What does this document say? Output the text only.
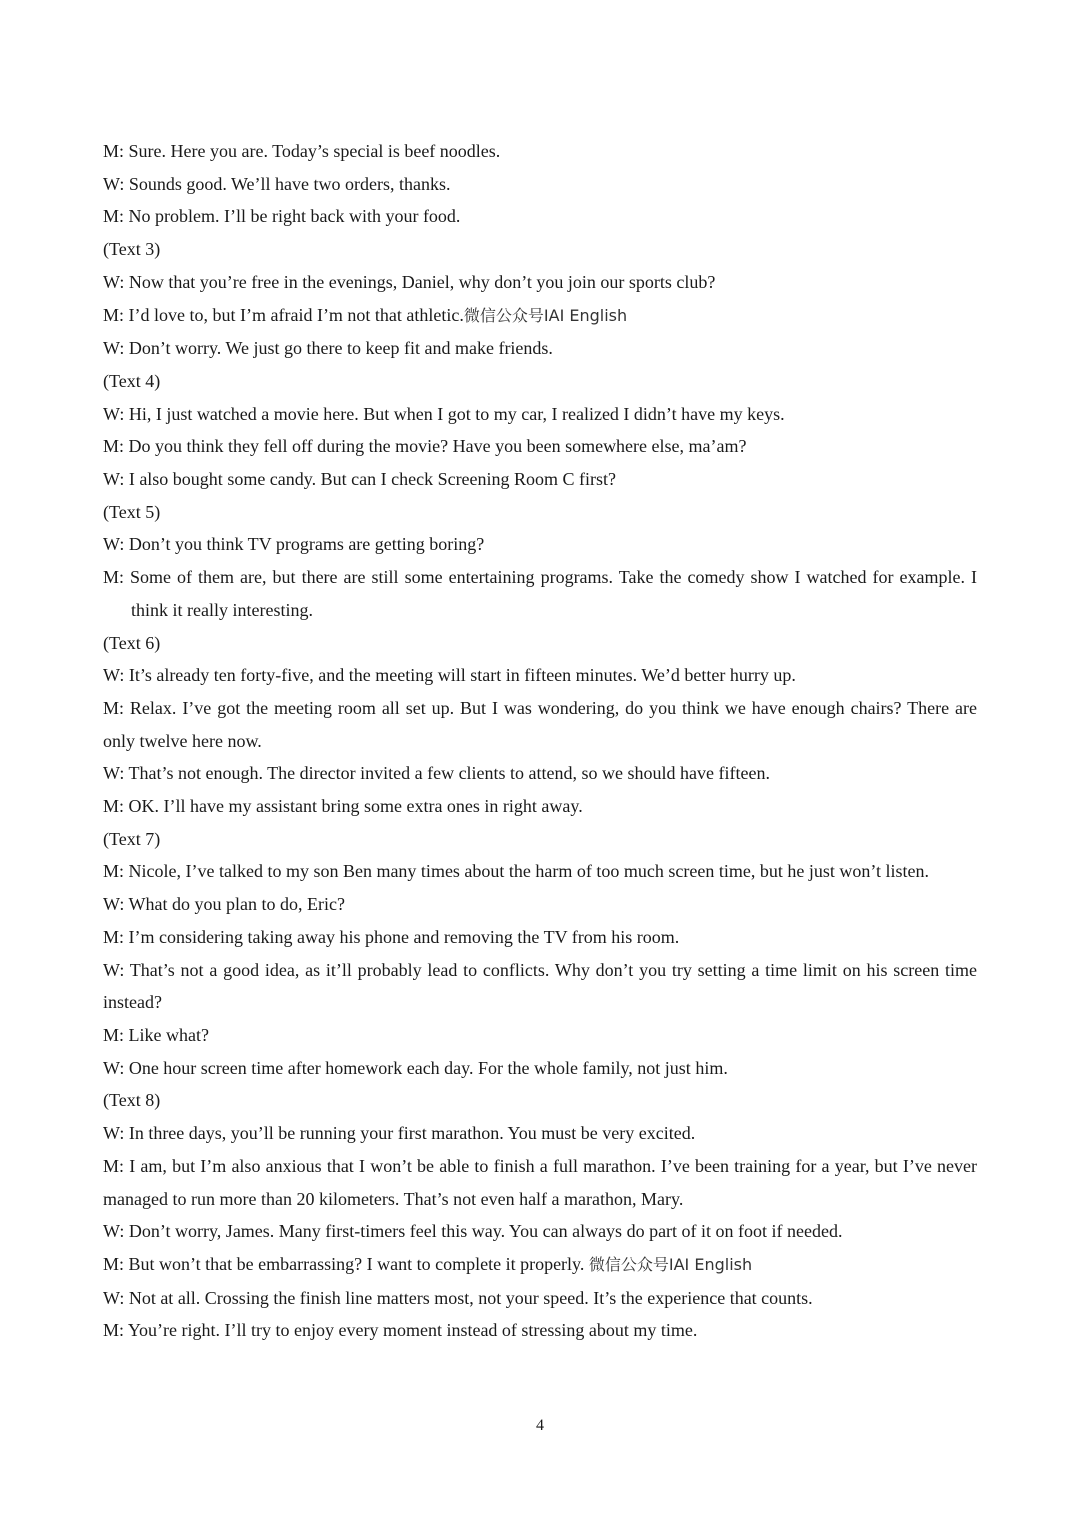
M: Sure. Here you are. Today’s special is beef noodles.
W: Sounds good. We’ll have two orders, thanks.
M: No problem. I’ll be right back with your food.
(Text 3)
W: Now that you’re free in the evenings, Daniel, why don’t you join our sports club?
M: I’d love to, but I’m afraid I’m not that athletic.微信公众号IAI English
W: Don’t worry. We just go there to keep fit and make friends.
(Text 4)
W: Hi, I just watched a movie here. But when I got to my car, I realized I didn’t have my keys.
M: Do you think they fell off during the movie? Have you been somewhere else, ma’am?
W: I also bought some candy. But can I check Screening Room C first?
(Text 5)
W: Don’t you think TV programs are getting boring?
M: Some of them are, but there are still some entertaining programs. Take the comedy show I watched for example. I think it really interesting.
(Text 6)
W: It’s already ten forty-five, and the meeting will start in fifteen minutes. We’d better hurry up.
M: Relax. I’ve got the meeting room all set up. But I was wondering, do you think we have enough chairs? There are only twelve here now.
W: That’s not enough. The director invited a few clients to attend, so we should have fifteen.
M: OK. I’ll have my assistant bring some extra ones in right away.
(Text 7)
M: Nicole, I’ve talked to my son Ben many times about the harm of too much screen time, but he just won’t listen.
W: What do you plan to do, Eric?
M: I’m considering taking away his phone and removing the TV from his room.
W: That’s not a good idea, as it’ll probably lead to conflicts. Why don’t you try setting a time limit on his screen time instead?
M: Like what?
W: One hour screen time after homework each day. For the whole family, not just him.
(Text 8)
W: In three days, you’ll be running your first marathon. You must be very excited.
M: I am, but I’m also anxious that I won’t be able to finish a full marathon. I’ve been training for a year, but I’ve never managed to run more than 20 kilometers. That’s not even half a marathon, Mary.
W: Don’t worry, James. Many first-timers feel this way. You can always do part of it on foot if needed.
M: But won’t that be embarrassing? I want to complete it properly. 微信公众号IAI English
W: Not at all. Crossing the finish line matters most, not your speed. It’s the experience that counts.
M: You’re right. I’ll try to enjoy every moment instead of stressing about my time.
4
